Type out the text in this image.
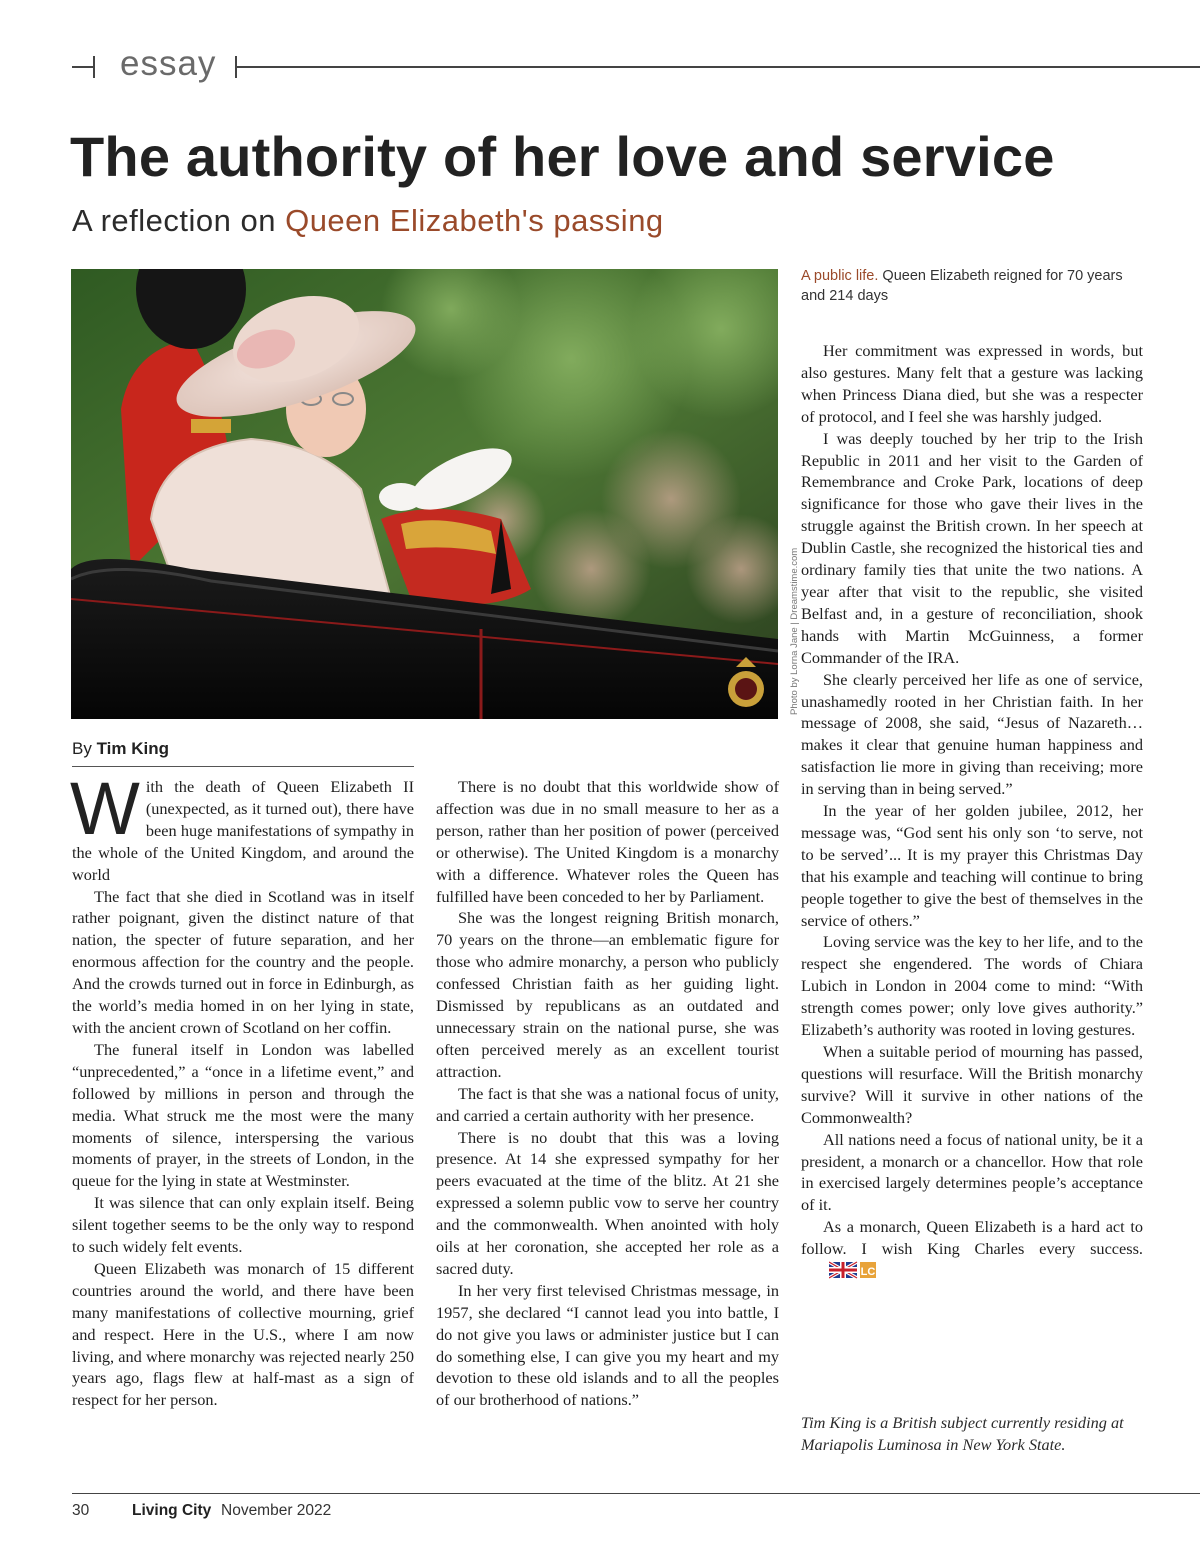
essay
The authority of her love and service
A reflection on Queen Elizabeth's passing
Photo by Lorna Jane | Dreamstime.com
A public life. Queen Elizabeth reigned for 70 years and 214 days
By Tim King

With the death of Queen Elizabeth II (unexpected, as it turned out), there have been huge manifestations of sympathy in the whole of the United Kingdom, and around the world

The fact that she died in Scotland was in itself rather poignant, given the distinct nature of that nation, the specter of future separation, and her enormous affection for the country and the people. And the crowds turned out in force in Edinburgh, as the world’s media homed in on her lying in state, with the ancient crown of Scotland on her coffin.

The funeral itself in London was labelled “unprecedented,” a “once in a lifetime event,” and followed by millions in person and through the media. What struck me the most were the many moments of silence, interspersing the various moments of prayer, in the streets of London, in the queue for the lying in state at Westminster.

It was silence that can only explain itself. Being silent together seems to be the only way to respond to such widely felt events.

Queen Elizabeth was monarch of 15 different countries around the world, and there have been many manifestations of collective mourning, grief and respect. Here in the U.S., where I am now living, and where monarchy was rejected nearly 250 years ago, flags flew at half-mast as a sign of respect for her person.

There is no doubt that this worldwide show of affection was due in no small measure to her as a person, rather than her position of power (perceived or otherwise). The United Kingdom is a monarchy with a difference. Whatever roles the Queen has fulfilled have been conceded to her by Parliament.

She was the longest reigning British monarch, 70 years on the throne—an emblematic figure for those who admire monarchy, a person who publicly confessed Christian faith as her guiding light. Dismissed by republicans as an outdated and unnecessary strain on the national purse, she was often perceived merely as an excellent tourist attraction.

The fact is that she was a national focus of unity, and carried a certain authority with her presence.

There is no doubt that this was a loving presence. At 14 she expressed sympathy for her peers evacuated at the time of the blitz. At 21 she expressed a solemn public vow to serve her country and the commonwealth. When anointed with holy oils at her coronation, she accepted her role as a sacred duty.

In her very first televised Christmas message, in 1957, she declared “I cannot lead you into battle, I do not give you laws or administer justice but I can do something else, I can give you my heart and my devotion to these old islands and to all the peoples of our brotherhood of nations.”

Her commitment was expressed in words, but also gestures. Many felt that a gesture was lacking when Princess Diana died, but she was a respecter of protocol, and I feel she was harshly judged.

I was deeply touched by her trip to the Irish Republic in 2011 and her visit to the Garden of Remembrance and Croke Park, locations of deep significance for those who gave their lives in the struggle against the British crown. In her speech at Dublin Castle, she recognized the historical ties and ordinary family ties that unite the two nations. A year after that visit to the republic, she visited Belfast and, in a gesture of reconciliation, shook hands with Martin McGuinness, a former Commander of the IRA.

She clearly perceived her life as one of service, unashamedly rooted in her Christian faith. In her message of 2008, she said, “Jesus of Nazareth… makes it clear that genuine human happiness and satisfaction lie more in giving than receiving; more in serving than in being served.”

In the year of her golden jubilee, 2012, her message was, “God sent his only son ‘to serve, not to be served’... It is my prayer this Christmas Day that his example and teaching will continue to bring people together to give the best of themselves in the service of others.”

Loving service was the key to her life, and to the respect she engendered. The words of Chiara Lubich in London in 2004 come to mind: “With strength comes power; only love gives authority.” Elizabeth’s authority was rooted in loving gestures.

When a suitable period of mourning has passed, questions will resurface. Will the British monarchy survive? Will it survive in other nations of the Commonwealth?

All nations need a focus of national unity, be it a president, a monarch or a chancellor. How that role in exercised largely determines people’s acceptance of it.

As a monarch, Queen Elizabeth is a hard act to follow. I wish King Charles every success.
LC

Tim King is a British subject currently residing at Mariapolis Luminosa in New York State.
30	Living City November 2022
